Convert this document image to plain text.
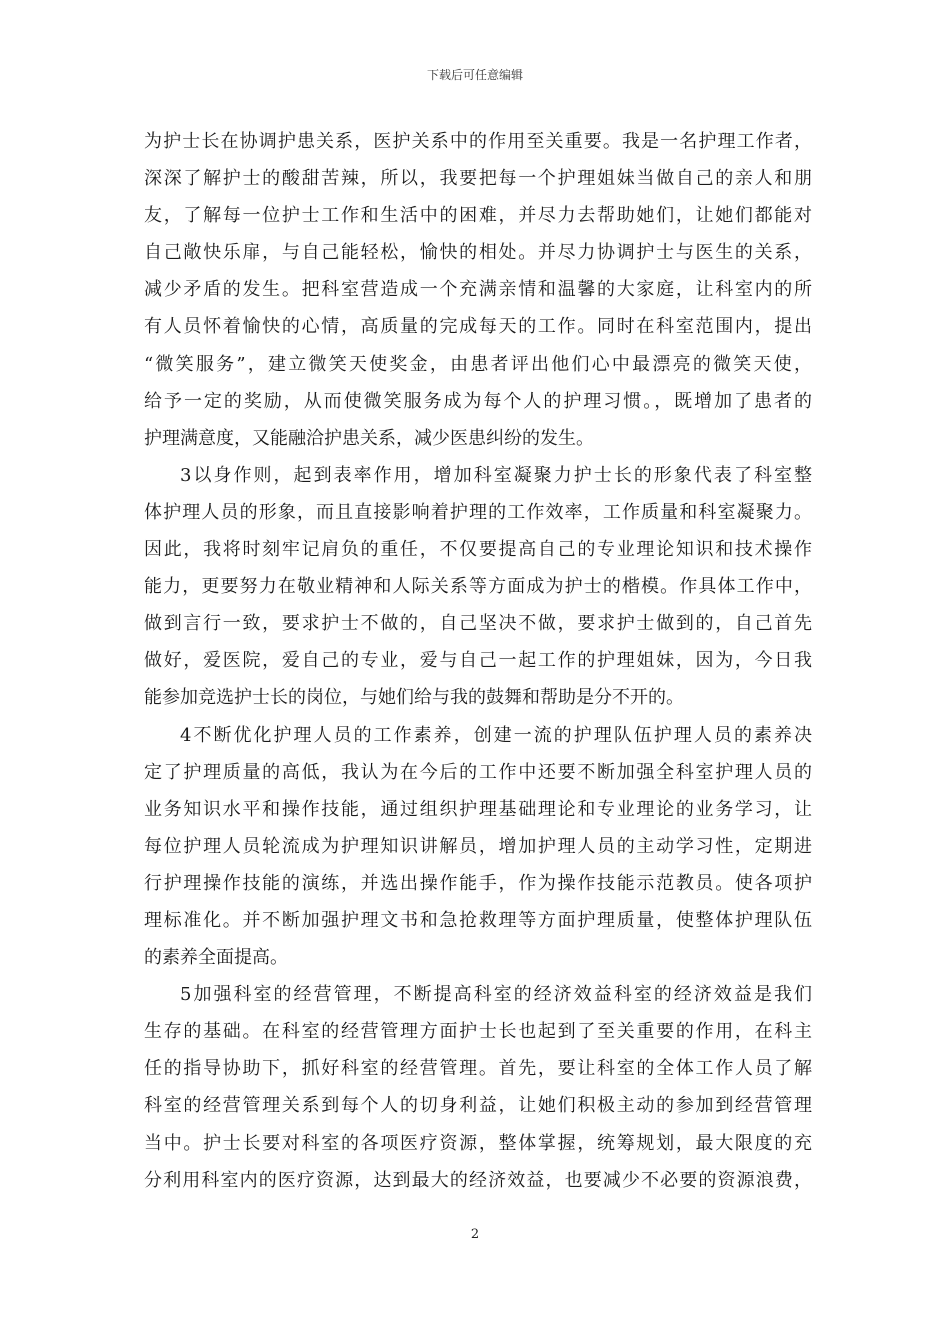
下载后可任意编辑
为护士长在协调护患关系，医护关系中的作用至关重要。我是一名护理工作者，
深深了解护士的酸甜苦辣，所以，我要把每一个护理姐妹当做自己的亲人和朋
友，了解每一位护士工作和生活中的困难，并尽力去帮助她们，让她们都能对
自己敞快乐扉，与自己能轻松，愉快的相处。并尽力协调护士与医生的关系，
减少矛盾的发生。把科室营造成一个充满亲情和温馨的大家庭，让科室内的所
有人员怀着愉快的心情，高质量的完成每天的工作。同时在科室范围内，提出
“微笑服务”，建立微笑天使奖金，由患者评出他们心中最漂亮的微笑天使，
给予一定的奖励，从而使微笑服务成为每个人的护理习惯。，既增加了患者的
护理满意度，又能融洽护患关系，减少医患纠纷的发生。
3以身作则，起到表率作用，增加科室凝聚力护士长的形象代表了科室整
体护理人员的形象，而且直接影响着护理的工作效率，工作质量和科室凝聚力。
因此，我将时刻牢记肩负的重任，不仅要提高自己的专业理论知识和技术操作
能力，更要努力在敬业精神和人际关系等方面成为护士的楷模。作具体工作中，
做到言行一致，要求护士不做的，自己坚决不做，要求护士做到的，自己首先
做好，爱医院，爱自己的专业，爱与自己一起工作的护理姐妹，因为，今日我
能参加竞选护士长的岗位，与她们给与我的鼓舞和帮助是分不开的。
4不断优化护理人员的工作素养，创建一流的护理队伍护理人员的素养决
定了护理质量的高低，我认为在今后的工作中还要不断加强全科室护理人员的
业务知识水平和操作技能，通过组织护理基础理论和专业理论的业务学习，让
每位护理人员轮流成为护理知识讲解员，增加护理人员的主动学习性，定期进
行护理操作技能的演练，并选出操作能手，作为操作技能示范教员。使各项护
理标准化。并不断加强护理文书和急抢救理等方面护理质量，使整体护理队伍
的素养全面提高。
5加强科室的经营管理，不断提高科室的经济效益科室的经济效益是我们
生存的基础。在科室的经营管理方面护士长也起到了至关重要的作用，在科主
任的指导协助下，抓好科室的经营管理。首先，要让科室的全体工作人员了解
科室的经营管理关系到每个人的切身利益，让她们积极主动的参加到经营管理
当中。护士长要对科室的各项医疗资源，整体掌握，统筹规划，最大限度的充
分利用科室内的医疗资源，达到最大的经济效益，也要减少不必要的资源浪费，
2
